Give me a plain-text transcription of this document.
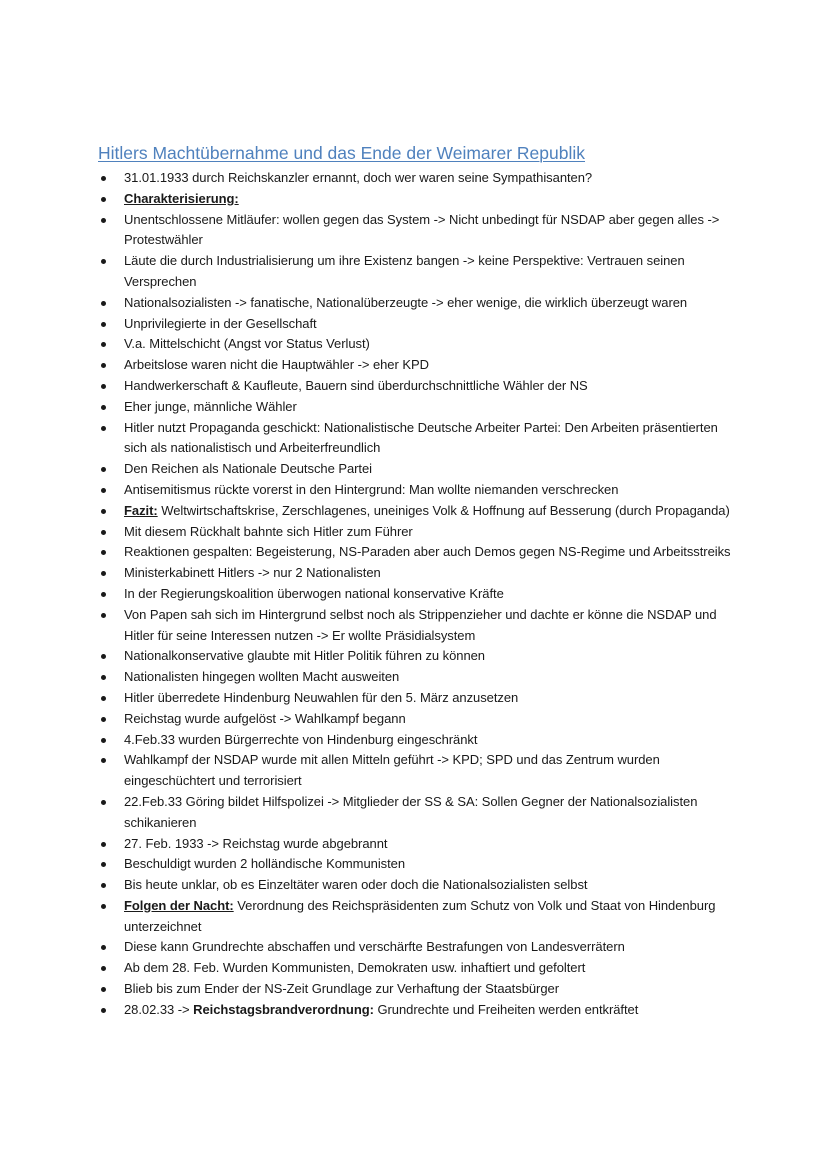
Hitlers Machtübernahme und das Ende der Weimarer Republik
31.01.1933 durch Reichskanzler ernannt, doch wer waren seine Sympathisanten?
Charakterisierung:
Unentschlossene Mitläufer: wollen gegen das System -> Nicht unbedingt für NSDAP aber gegen alles -> Protestwähler
Läute die durch Industrialisierung um ihre Existenz bangen -> keine Perspektive: Vertrauen seinen Versprechen
Nationalsozialisten -> fanatische, Nationalüberzeugte -> eher wenige, die wirklich überzeugt waren
Unprivilegierte in der Gesellschaft
V.a. Mittelschicht (Angst vor Status Verlust)
Arbeitslose waren nicht die Hauptwähler -> eher KPD
Handwerkerschaft & Kaufleute, Bauern sind überdurchschnittliche Wähler der NS
Eher junge, männliche Wähler
Hitler nutzt Propaganda geschickt: Nationalistische Deutsche Arbeiter Partei: Den Arbeiten präsentierten sich als nationalistisch und Arbeiterfreundlich
Den Reichen als Nationale Deutsche Partei
Antisemitismus rückte vorerst in den Hintergrund: Man wollte niemanden verschrecken
Fazit: Weltwirtschaftskrise, Zerschlagenes, uneiniges Volk & Hoffnung auf Besserung (durch Propaganda)
Mit diesem Rückhalt bahnte sich Hitler zum Führer
Reaktionen gespalten: Begeisterung, NS-Paraden aber auch Demos gegen NS-Regime und Arbeitsstreiks
Ministerkabinett Hitlers -> nur 2 Nationalisten
In der Regierungskoalition überwogen national konservative Kräfte
Von Papen sah sich im Hintergrund selbst noch als Strippenzieher und dachte er könne die NSDAP und Hitler für seine Interessen nutzen -> Er wollte Präsidialsystem
Nationalkonservative glaubte mit Hitler Politik führen zu können
Nationalisten hingegen wollten Macht ausweiten
Hitler überredete Hindenburg Neuwahlen für den 5. März anzusetzen
Reichstag wurde aufgelöst -> Wahlkampf begann
4.Feb.33 wurden Bürgerrechte von Hindenburg eingeschränkt
Wahlkampf der NSDAP wurde mit allen Mitteln geführt -> KPD; SPD und das Zentrum wurden eingeschüchtert und terrorisiert
22.Feb.33 Göring bildet Hilfspolizei -> Mitglieder der SS & SA: Sollen Gegner der Nationalsozialisten schikanieren
27. Feb. 1933 -> Reichstag wurde abgebrannt
Beschuldigt wurden 2 holländische Kommunisten
Bis heute unklar, ob es Einzeltäter waren oder doch die Nationalsozialisten selbst
Folgen der Nacht: Verordnung des Reichspräsidenten zum Schutz von Volk und Staat von Hindenburg unterzeichnet
Diese kann Grundrechte abschaffen und verschärfte Bestrafungen von Landesverrätern
Ab dem 28. Feb. Wurden Kommunisten, Demokraten usw. inhaftiert und gefoltert
Blieb bis zum Ender der NS-Zeit Grundlage zur Verhaftung der Staatsbürger
28.02.33 -> Reichstagsbrandverordnung: Grundrechte und Freiheiten werden entkräftet
